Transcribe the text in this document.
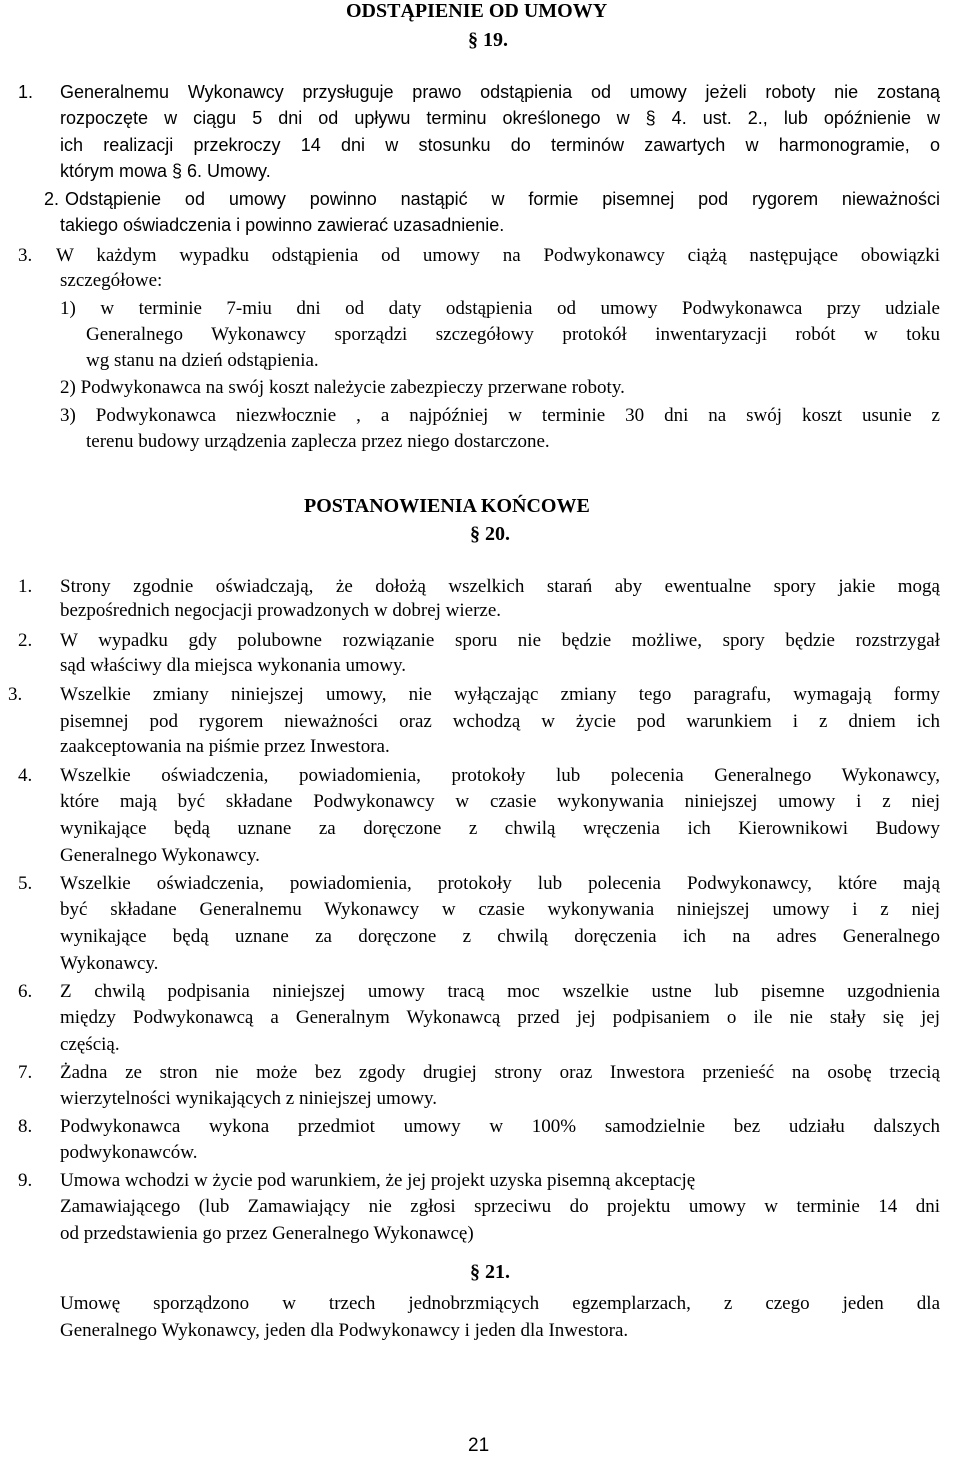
ODSTĄPIENIE OD UMOWY
§ 19.
1. Generalnemu Wykonawcy przysługuje prawo odstąpienia od umowy jeżeli roboty nie zostaną
rozpoczęte w ciągu 5 dni od upływu terminu określonego w § 4. ust. 2., lub opóźnienie w
ich realizacji przekroczy 14 dni w stosunku do terminów zawartych w harmonogramie, o
którym mowa § 6. Umowy.
2. Odstąpienie od umowy powinno nastąpić w formie pisemnej pod rygorem nieważności
takiego oświadczenia i powinno zawierać uzasadnienie.
3. W każdym wypadku odstąpienia od umowy na Podwykonawcy ciążą następujące obowiązki
szczegółowe:
1) w terminie 7-miu dni od daty odstąpienia od umowy Podwykonawca przy udziale
Generalnego Wykonawcy sporządzi szczegółowy protokół inwentaryzacji robót w toku
wg stanu na dzień odstąpienia.
2) Podwykonawca na swój koszt należycie zabezpieczy przerwane roboty.
3) Podwykonawca niezwłocznie , a najpóźniej w terminie 30 dni na swój koszt usunie z
terenu budowy urządzenia zaplecza przez niego dostarczone.
POSTANOWIENIA KOŃCOWE
§ 20.
1. Strony zgodnie oświadczają, że dołożą wszelkich starań aby ewentualne spory jakie mogą
bezpośrednich negocjacji prowadzonych w dobrej wierze.
2. W wypadku gdy polubowne rozwiązanie sporu nie będzie możliwe, spory będzie rozstrzygał
sąd właściwy dla miejsca wykonania umowy.
3. Wszelkie zmiany niniejszej umowy, nie wyłączając zmiany tego paragrafu, wymagają formy
pisemnej pod rygorem nieważności oraz wchodzą w życie pod warunkiem i z dniem ich
zaakceptowania na piśmie przez Inwestora.
4. Wszelkie oświadczenia, powiadomienia, protokoły lub polecenia Generalnego Wykonawcy,
które mają być składane Podwykonawcy w czasie wykonywania niniejszej umowy i z niej
wynikające będą uznane za doręczone z chwilą wręczenia ich Kierownikowi Budowy
Generalnego Wykonawcy.
5. Wszelkie oświadczenia, powiadomienia, protokoły lub polecenia Podwykonawcy, które mają
być składane Generalnemu Wykonawcy w czasie wykonywania niniejszej umowy i z niej
wynikające będą uznane za doręczone z chwilą doręczenia ich na adres Generalnego
Wykonawcy.
6. Z chwilą podpisania niniejszej umowy tracą moc wszelkie ustne lub pisemne uzgodnienia
między Podwykonawcą a Generalnym Wykonawcą przed jej podpisaniem o ile nie stały się jej
częścią.
7. Żadna ze stron nie może bez zgody drugiej strony oraz Inwestora przenieść na osobę trzecią
wierzytelności wynikających z niniejszej umowy.
8. Podwykonawca wykona przedmiot umowy w 100% samodzielnie bez udziału dalszych
podwykonawców.
9. Umowa wchodzi w życie pod warunkiem, że jej projekt uzyska pisemną akceptację
Zamawiającego (lub Zamawiający nie zgłosi sprzeciwu do projektu umowy w terminie 14 dni
od przedstawienia go przez Generalnego Wykonawcę)
§ 21.
Umowę sporządzono w trzech jednobrzmiących egzemplarzach, z czego jeden dla
Generalnego Wykonawcy, jeden dla Podwykonawcy i jeden dla Inwestora.
21
